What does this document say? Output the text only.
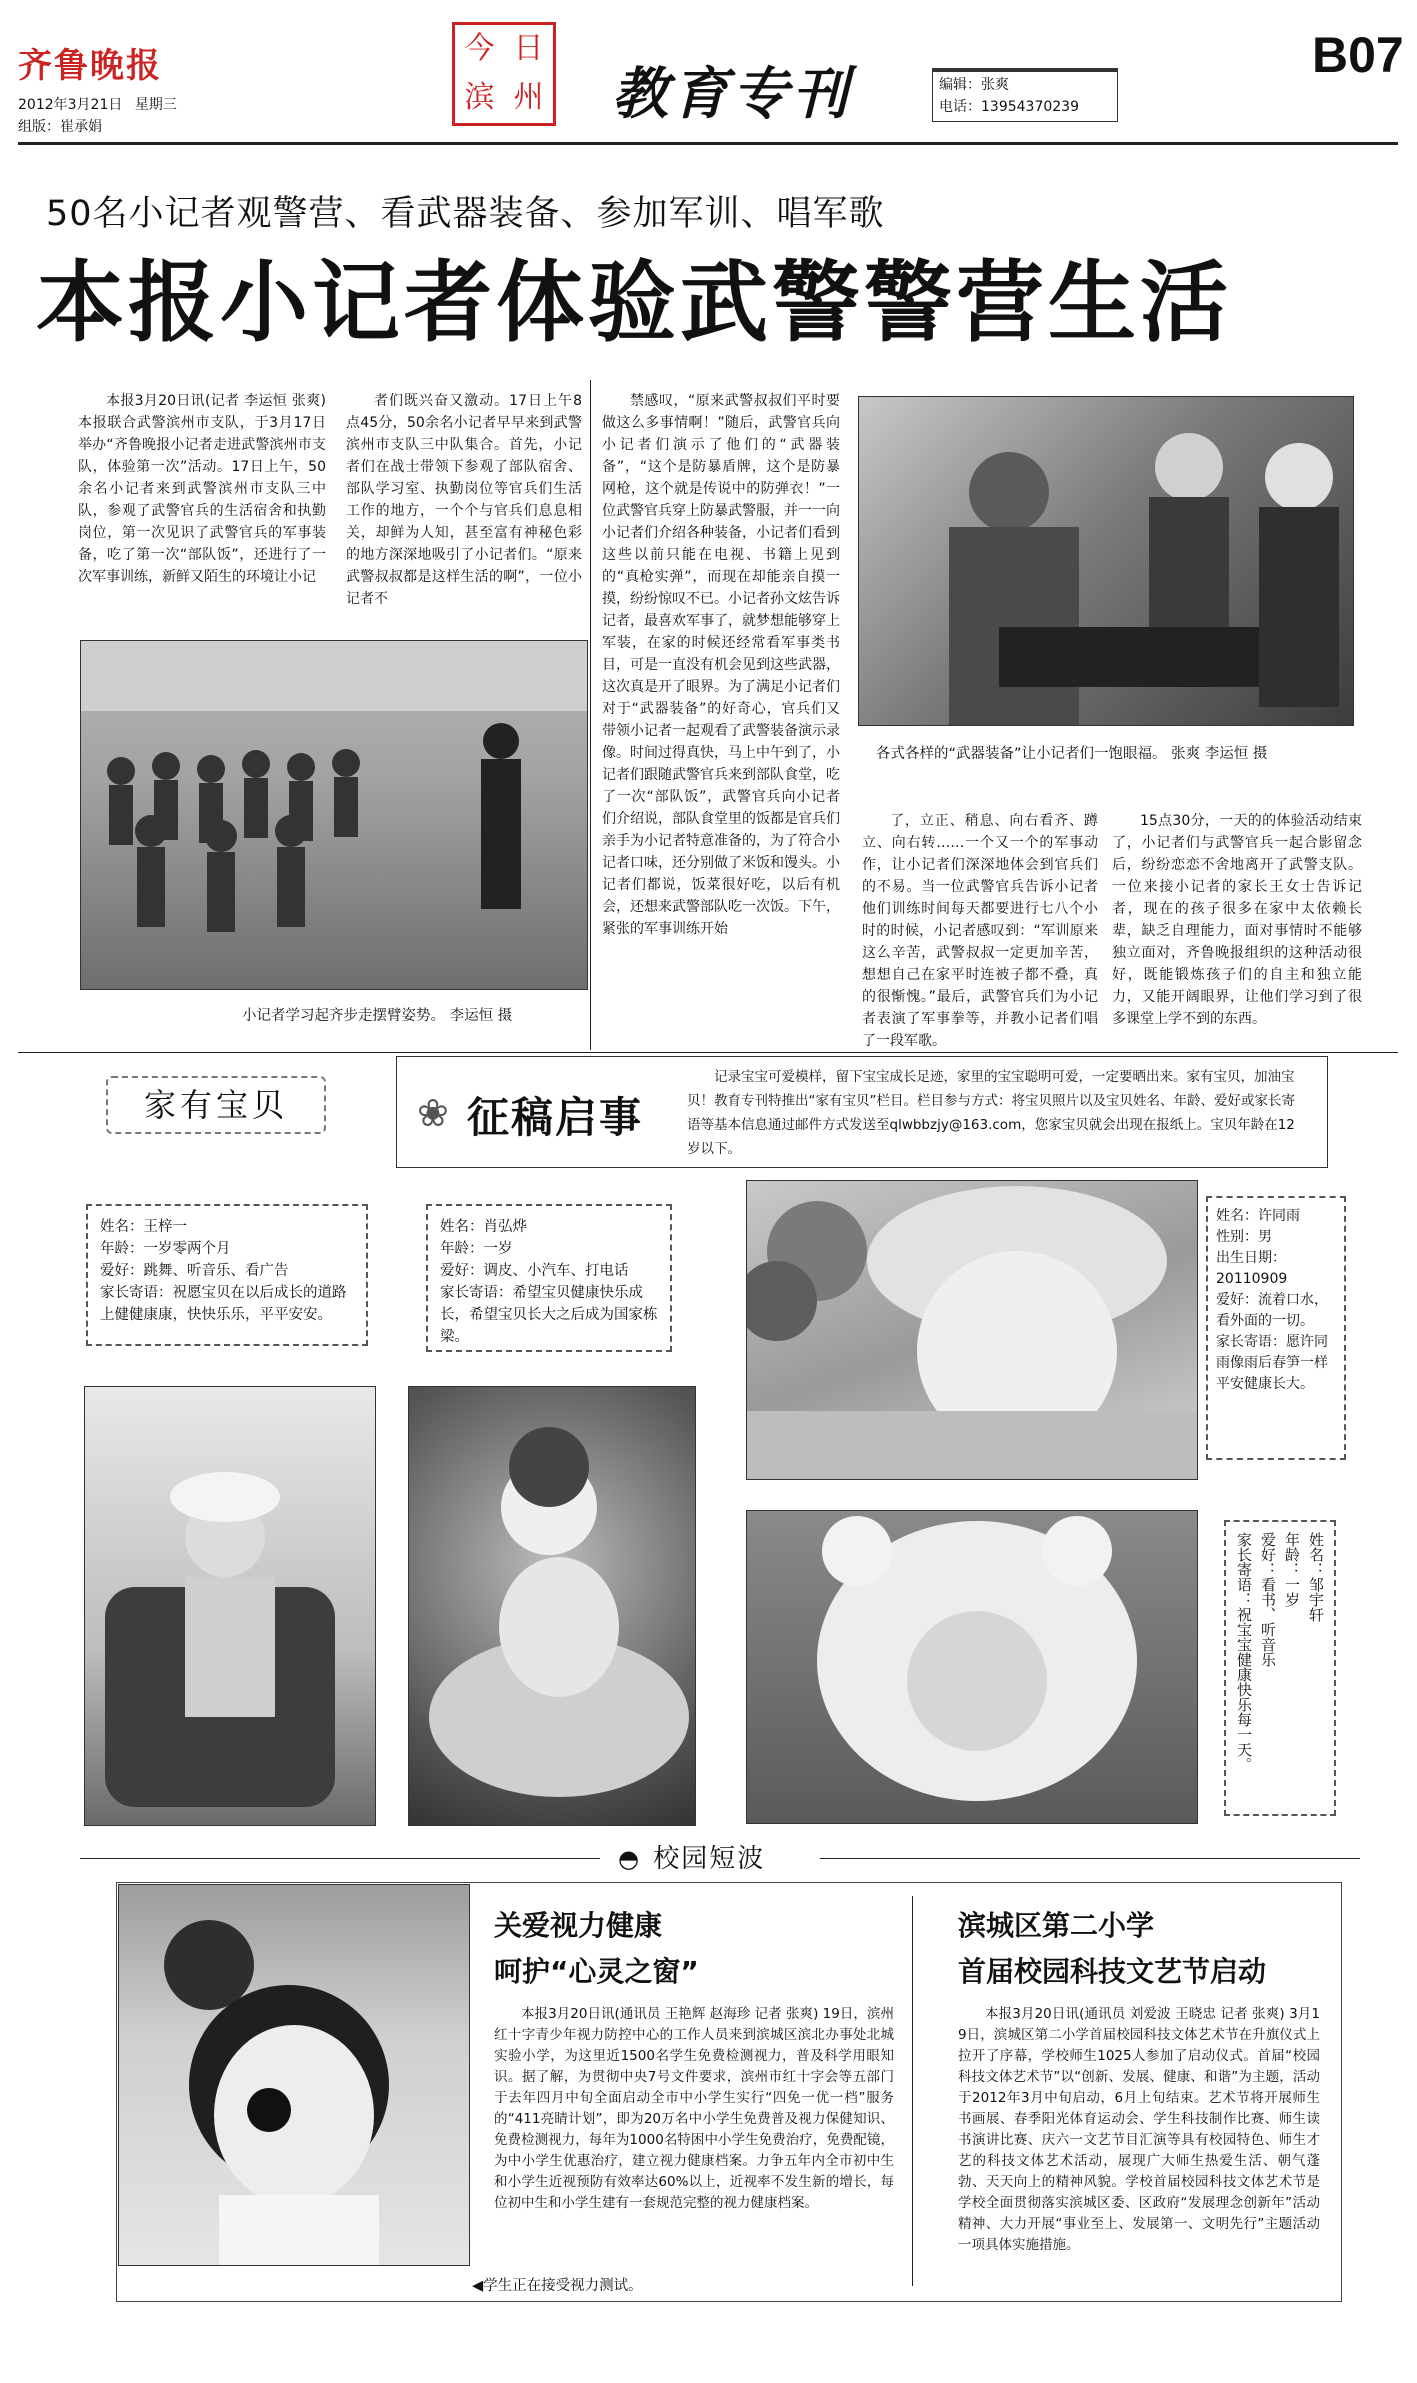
齐鲁晚报
2012年3月21日 星期三
组版：崔承娟
今 日
滨 州 教育专刊	编辑：张爽
电话：13954370239
B07
50名小记者观警营、看武器装备、参加军训、唱军歌
本报小记者体验武警警营生活

本报3月20日讯(记者 李运恒 张爽) 本报联合武警滨州市支队，于3月17日举办“齐鲁晚报小记者走进武警滨州市支队，体验第一次”活动。17日上午，50余名小记者来到武警滨州市支队三中队，参观了武警官兵的生活宿舍和执勤岗位，第一次见识了武警官兵的军事装备，吃了第一次“部队饭”，还进行了一次军事训练，新鲜又陌生的环境让小记

者们既兴奋又激动。17日上午8点45分，50余名小记者早早来到武警滨州市支队三中队集合。首先，小记者们在战士带领下参观了部队宿舍、部队学习室、执勤岗位等官兵们生活工作的地方，一个个与官兵们息息相关，却鲜为人知，甚至富有神秘色彩的地方深深地吸引了小记者们。“原来武警叔叔都是这样生活的啊”，一位小记者不

禁感叹，“原来武警叔叔们平时要做这么多事情啊！”随后，武警官兵向小记者们演示了他们的“武器装备”，“这个是防暴盾牌，这个是防暴网枪，这个就是传说中的防弹衣！”一位武警官兵穿上防暴武警服，并一一向小记者们介绍各种装备，小记者们看到这些以前只能在电视、书籍上见到的“真枪实弹”，而现在却能亲自摸一摸，纷纷惊叹不已。小记者孙文炫告诉记者，最喜欢军事了，就梦想能够穿上军装，在家的时候还经常看军事类书目，可是一直没有机会见到这些武器，这次真是开了眼界。为了满足小记者们对于“武器装备”的好奇心，官兵们又带领小记者一起观看了武警装备演示录像。时间过得真快，马上中午到了，小记者们跟随武警官兵来到部队食堂，吃了一次“部队饭”，武警官兵向小记者们介绍说，部队食堂里的饭都是官兵们亲手为小记者特意准备的，为了符合小记者口味，还分别做了米饭和馒头。小记者们都说，饭菜很好吃，以后有机会，还想来武警部队吃一次饭。下午，紧张的军事训练开始

了，立正、稍息、向右看齐、蹲立、向右转……一个又一个的军事动作，让小记者们深深地体会到官兵们的不易。当一位武警官兵告诉小记者他们训练时间每天都要进行七八个小时的时候，小记者感叹到：“军训原来这么辛苦，武警叔叔一定更加辛苦，想想自己在家平时连被子都不叠，真的很惭愧。”最后，武警官兵们为小记者表演了军事拳等，并教小记者们唱了一段军歌。

15点30分，一天的的体验活动结束了，小记者们与武警官兵一起合影留念后，纷纷恋恋不舍地离开了武警支队。一位来接小记者的家长王女士告诉记者，现在的孩子很多在家中太依赖长辈，缺乏自理能力，面对事情时不能够独立面对，齐鲁晚报组织的这种活动很好，既能锻炼孩子们的自主和独立能力，又能开阔眼界，让他们学习到了很多课堂上学不到的东西。

各式各样的“武器装备”让小记者们一饱眼福。 张爽 李运恒 摄
小记者学习起齐步走摆臂姿势。 李运恒 摄
家有宝贝	❀ 征稿启事
记录宝宝可爱模样，留下宝宝成长足迹，家里的宝宝聪明可爱，一定要晒出来。家有宝贝，加油宝贝！教育专刊特推出“家有宝贝”栏目。栏目参与方式：将宝贝照片以及宝贝姓名、年龄、爱好或家长寄语等基本信息通过邮件方式发送至qlwbbzjy@163.com，您家宝贝就会出现在报纸上。宝贝年龄在12岁以下。
姓名：王梓一
年龄：一岁零两个月
爱好：跳舞、听音乐、看广告
家长寄语：祝愿宝贝在以后成长的道路上健健康康，快快乐乐，平平安安。
姓名：肖弘烨
年龄：一岁
爱好：调皮、小汽车、打电话
家长寄语：希望宝贝健康快乐成长，希望宝贝长大之后成为国家栋梁。
姓名：许同雨
性别：男
出生日期：
20110909
爱好：流着口水，看外面的一切。
家长寄语：愿许同雨像雨后春笋一样平安健康长大。
姓名：邹宇轩
年龄：一岁
爱好：看书、听音乐
家长寄语：祝宝宝健康快乐每一天。
◓ 校园短波
◀学生正在接受视力测试。
关爱视力健康
呵护“心灵之窗”

本报3月20日讯(通讯员 王艳辉 赵海珍 记者 张爽) 19日，滨州红十字青少年视力防控中心的工作人员来到滨城区滨北办事处北城实验小学，为这里近1500名学生免费检测视力，普及科学用眼知识。据了解，为贯彻中央7号文件要求，滨州市红十字会等五部门于去年四月中旬全面启动全市中小学生实行“四免一优一档”服务的“411亮睛计划”，即为20万名中小学生免费普及视力保健知识、免费检测视力，每年为1000名特困中小学生免费治疗，免费配镜，为中小学生优惠治疗，建立视力健康档案。力争五年内全市初中生和小学生近视预防有效率达60%以上，近视率不发生新的增长，每位初中生和小学生建有一套规范完整的视力健康档案。

滨城区第二小学
首届校园科技文艺节启动

本报3月20日讯(通讯员 刘爱波 王晓忠 记者 张爽) 3月19日，滨城区第二小学首届校园科技文体艺术节在升旗仪式上拉开了序幕，学校师生1025人参加了启动仪式。首届“校园科技文体艺术节”以“创新、发展、健康、和谐”为主题，活动于2012年3月中旬启动，6月上旬结束。艺术节将开展师生书画展、春季阳光体育运动会、学生科技制作比赛、师生读书演讲比赛、庆六一文艺节目汇演等具有校园特色、师生才艺的科技文体艺术活动，展现广大师生热爱生活、朝气蓬勃、天天向上的精神风貌。学校首届校园科技文体艺术节是学校全面贯彻落实滨城区委、区政府“发展理念创新年”活动精神、大力开展“事业至上、发展第一、文明先行”主题活动一项具体实施措施。
